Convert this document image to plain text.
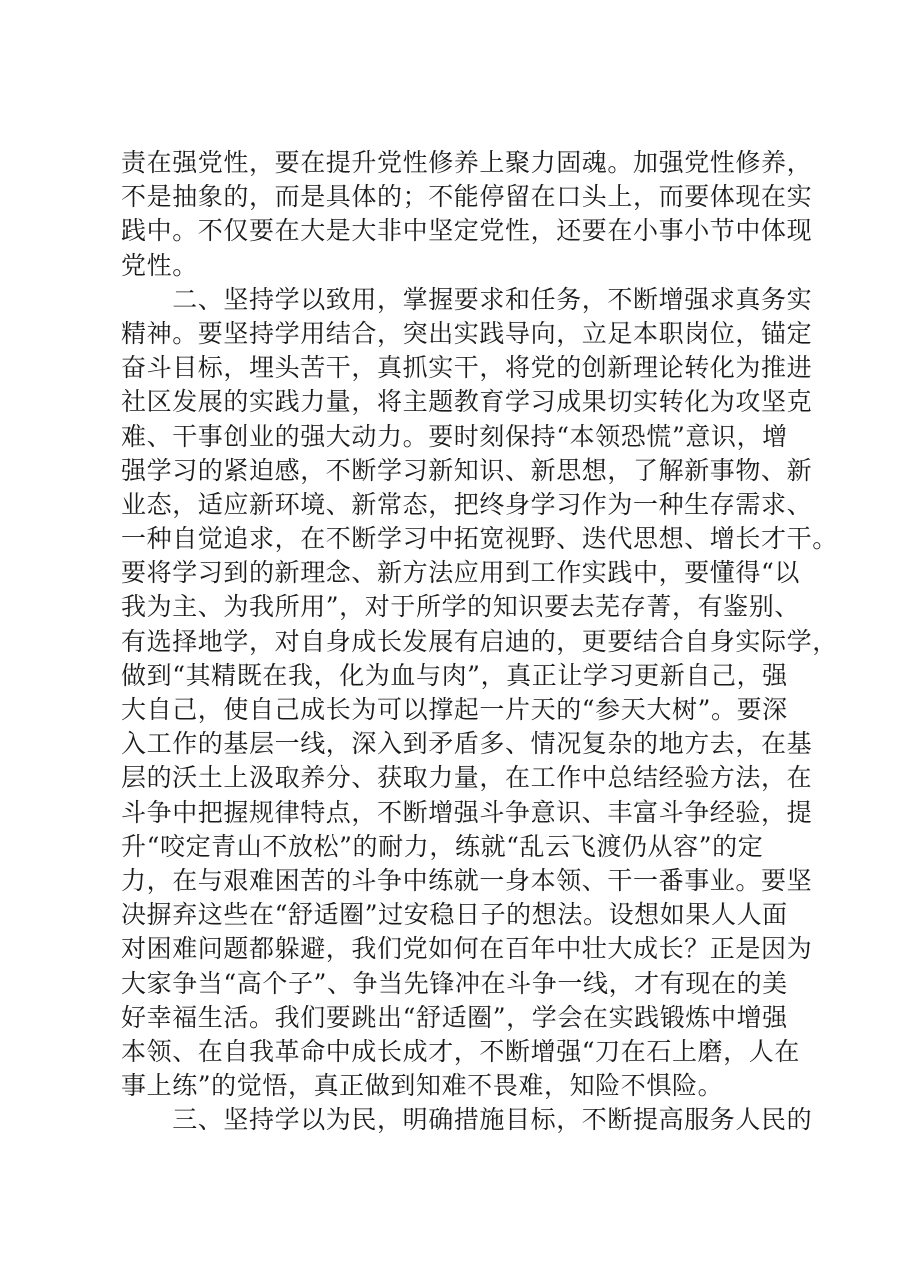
责在强党性，要在提升党性修养上聚力固魂。加强党性修养，
不是抽象的，而是具体的；不能停留在口头上，而要体现在实
践中。不仅要在大是大非中坚定党性，还要在小事小节中体现
党性。
　　二、坚持学以致用，掌握要求和任务，不断增强求真务实
精神。要坚持学用结合，突出实践导向，立足本职岗位，锚定
奋斗目标，埋头苦干，真抓实干，将党的创新理论转化为推进
社区发展的实践力量，将主题教育学习成果切实转化为攻坚克
难、干事创业的强大动力。要时刻保持“本领恐慌”意识，增
强学习的紧迫感，不断学习新知识、新思想，了解新事物、新
业态，适应新环境、新常态，把终身学习作为一种生存需求、
一种自觉追求，在不断学习中拓宽视野、迭代思想、增长才干。
要将学习到的新理念、新方法应用到工作实践中，要懂得“以
我为主、为我所用”，对于所学的知识要去芜存菁，有鉴别、
有选择地学，对自身成长发展有启迪的，更要结合自身实际学，
做到“其精既在我，化为血与肉”，真正让学习更新自己，强
大自己，使自己成长为可以撑起一片天的“参天大树”。要深
入工作的基层一线，深入到矛盾多、情况复杂的地方去，在基
层的沃土上汲取养分、获取力量，在工作中总结经验方法，在
斗争中把握规律特点，不断增强斗争意识、丰富斗争经验，提
升“咬定青山不放松”的耐力，练就“乱云飞渡仍从容”的定
力，在与艰难困苦的斗争中练就一身本领、干一番事业。要坚
决摒弃这些在“舒适圈”过安稳日子的想法。设想如果人人面
对困难问题都躲避，我们党如何在百年中壮大成长？正是因为
大家争当“高个子”、争当先锋冲在斗争一线，才有现在的美
好幸福生活。我们要跳出“舒适圈”，学会在实践锻炼中增强
本领、在自我革命中成长成才，不断增强“刀在石上磨，人在
事上练”的觉悟，真正做到知难不畏难，知险不惧险。
　　三、坚持学以为民，明确措施目标，不断提高服务人民的
